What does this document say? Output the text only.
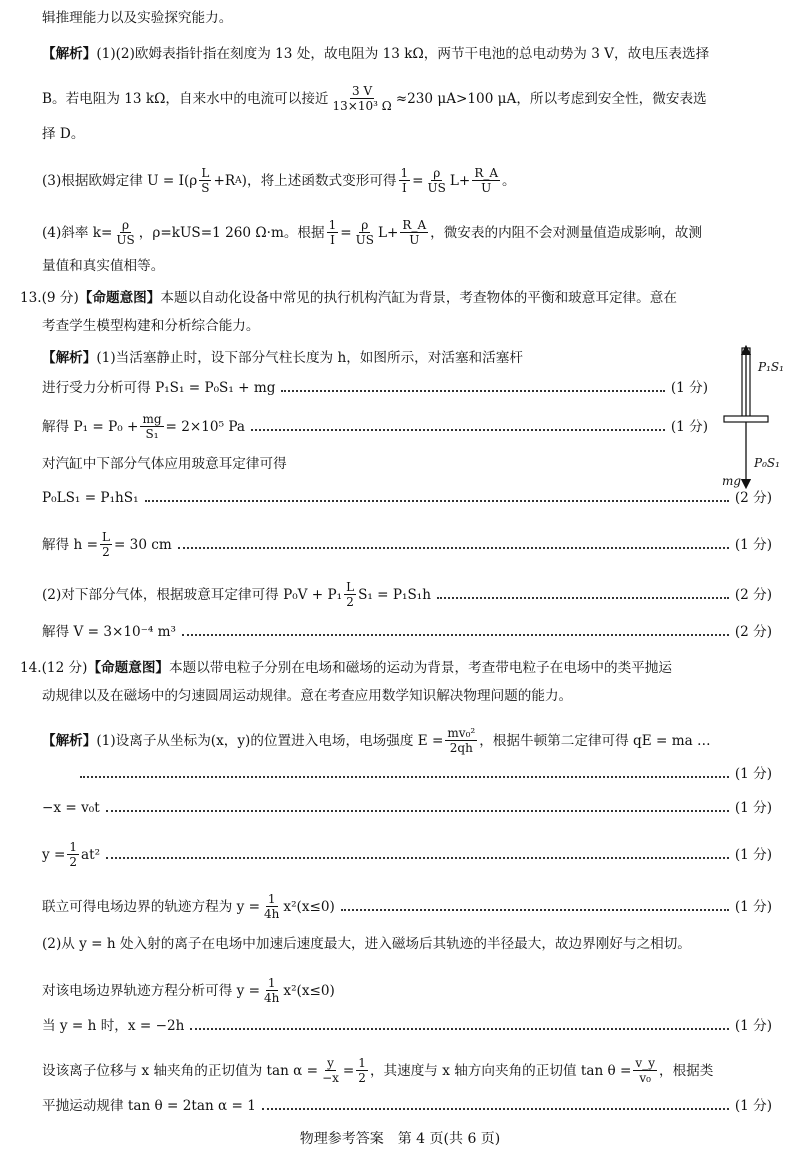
辑推理能力以及实验探究能力。
【解析】 (1)(2)欧姆表指针指在刻度为 13 处，故电阻为 13 kΩ，两节干电池的总电动势为 3 V，故电压表选择
B。若电阻为 13 kΩ，自来水中的电流可以接近 $\frac{3 V}{\text{13×10³ Ω}} \approx 230$ μA>100 μA，所以考虑到安全性，微安表选
择 D。
(3)根据欧姆定律 $U = I(\rho \frac{L}{S} +R$ A )，将上述函数式变形可得 $\frac{1}{I} = \frac{\rho}{US} L+ \frac{R\_A}{U}$ 。
(4)斜率 $k= \frac{\rho}{US}$ ，ρ=kUS=1 260 Ω·m。根据 $\frac{1}{I} = \frac{\rho}{US} L+ \frac{R\_A}{U}$ ，微安表的内阻不会对测量值造成影响，故测
量值和真实值相等。
13.(9 分) 【命题意图】 本题以自动化设备中常见的执行机构汽缸为背景，考查物体的平衡和玻意耳定律。意在
考查学生模型构建和分析综合能力。
【解析】 (1)当活塞静止时，设下部分气柱长度为 h，如图所示，对活塞和活塞杆
进行受力分析可得 P₁S₁ = P₀S₁ + mg	(1 分)
解得 $P_1 = P_0 + \frac{mg}{\text{S₁}} = 2\times 10^5$ Pa	(1 分)
对汽缸中下部分气体应用玻意耳定律可得
P₀LS₁ = P₁hS₁	(2 分)
解得 $h = \frac{L}{2} = 30$ cm	(1 分)
(2)对下部分气体，根据玻意耳定律可得 $P_0V + P_1 \frac{L}{2} S_1 = P_1S_1h$	(2 分)
解得 V = 3×10⁻⁴ m³	(2 分)
P₁S₁
P₀S₁
mg
14.(12 分) 【命题意图】 本题以带电粒子分别在电场和磁场的运动为背景，考查带电粒子在电场中的类平抛运
动规律以及在磁场中的匀速圆周运动规律。意在考查应用数学知识解决物理问题的能力。
【解析】 (1)设离子从坐标为(x，y)的位置进入电场，电场强度 $E = \frac{\text{mv₀²}}{2qh}$ ，根据牛顿第二定律可得 qE = ma …
(1 分)
−x = v₀t	(1 分)
$y = \frac{1}{2} at^2$	(1 分)
联立可得电场边界的轨迹方程为 $y = \frac{1}{4h} x^2(x\le 0)$	(1 分)
(2)从 y = h 处入射的离子在电场中加速后速度最大，进入磁场后其轨迹的半径最大，故边界刚好与之相切。
对该电场边界轨迹方程分析可得 $y = \frac{1}{4h} x^2(x\le 0)$
当 y = h 时，x = −2h	(1 分)
设该离子位移与 x 轴夹角的正切值为 $\tan \alpha = \frac{y}{-x} = \frac{1}{2}$ ，其速度与 x 轴方向夹角的正切值 $\tan \theta = \frac{v\_y}{\text{v₀}}$ ，根据类
平抛运动规律 tan θ = 2tan α = 1	(1 分)
物理参考答案　第 4 页(共 6 页)
